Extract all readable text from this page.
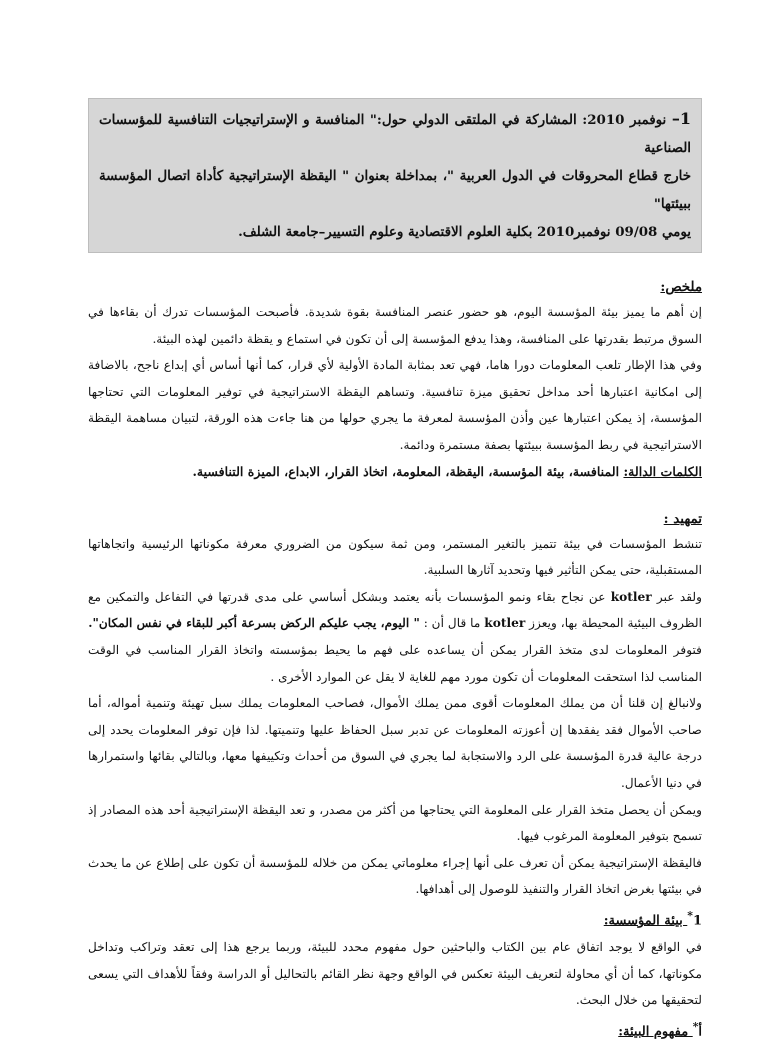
1– نوفمبر 2010: المشاركة في الملتقى الدولي حول:" المنافسة و الإستراتيجيات التنافسية للمؤسسات الصناعية

خارج قطاع المحروقات في الدول العربية "، بمداخلة بعنوان " اليقظة الإستراتيجية كأداة اتصال المؤسسة ببيئتها"

يومي 09/08 نوفمبر2010 بكلية العلوم الاقتصادية وعلوم التسيير–جامعة الشلف.

ملخص:

إن أهم ما يميز بيئة المؤسسة اليوم، هو حضور عنصر المنافسة بقوة شديدة. فأصبحت المؤسسات تدرك أن بقاءها في السوق مرتبط بقدرتها على المنافسة، وهذا يدفع المؤسسة إلى أن تكون في استماع و يقظة دائمين لهذه البيئة.

وفي هذا الإطار تلعب المعلومات دورا هاما، فهي تعد بمثابة المادة الأولية لأي قرار، كما أنها أساس أي إبداع ناجح، بالاضافة إلى امكانية اعتبارها أحد مداخل تحقيق ميزة تنافسية. وتساهم اليقظة الاستراتيجية في توفير المعلومات التي تحتاجها المؤسسة، إذ يمكن اعتبارها عين وأذن المؤسسة لمعرفة ما يجري حولها من هنا جاءت هذه الورقة، لتبيان مساهمة اليقظة الاستراتيجية في ربط المؤسسة ببيئتها بصفة مستمرة ودائمة.

الكلمات الدالة: المنافسة، بيئة المؤسسة، اليقظة، المعلومة، اتخاذ القرار، الابداع، الميزة التنافسية.

تمهيد :

تنشط المؤسسات في بيئة تتميز بالتغير المستمر، ومن ثمة سيكون من الضروري معرفة مكوناتها الرئيسية واتجاهاتها المستقبلية، حتى يمكن التأثير فيها وتحديد آثارها السلبية.

ولقد عبر kotler عن نجاح بقاء ونمو المؤسسات بأنه يعتمد وبشكل أساسي على مدى قدرتها في التفاعل والتمكين مع الظروف البيئية المحيطة بها، ويعزز kotler ما قال أن : " اليوم، يجب عليكم الركض بسرعة أكبر للبقاء في نفس المكان".

فتوفر المعلومات لدى متخذ القرار يمكن أن يساعده على فهم ما يحيط بمؤسسته واتخاذ القرار المناسب في الوقت المناسب لذا استحقت المعلومات أن تكون مورد مهم للغاية لا يقل عن الموارد الأخرى .

ولانبالغ إن قلنا أن من يملك المعلومات أقوى ممن يملك الأموال، فصاحب المعلومات يملك سبل تهيئة وتنمية أمواله، أما صاحب الأموال فقد يفقدها إن أعوزته المعلومات عن تدبر سبل الحفاظ عليها وتنميتها. لذا فإن توفر المعلومات يحدد إلى درجة عالية قدرة المؤسسة على الرد والاستجابة لما يجري في السوق من أحداث وتكييفها معها، وبالتالي بقائها واستمرارها في دنيا الأعمال.

ويمكن أن يحصل متخذ القرار على المعلومة التي يحتاجها من أكثر من مصدر، و تعد اليقظة الإستراتيجية أحد هذه المصادر إذ تسمح بتوفير المعلومة المرغوب فيها.

فاليقظة الإستراتيجية يمكن أن تعرف على أنها إجراء معلوماتي يمكن من خلاله للمؤسسة أن تكون على إطلاع عن ما يحدث في بيئتها بغرض اتخاذ القرار والتنفيذ للوصول إلى أهدافها.

1* بيئة المؤسسة:

في الواقع لا يوجد اتفاق عام بين الكتاب والباحثين حول مفهوم محدد للبيئة، وربما يرجع هذا إلى تعقد وتراكب وتداخل مكوناتها، كما أن أي محاولة لتعريف البيئة تعكس في الواقع وجهة نظر القائم بالتحاليل أو الدراسة وفقاً للأهداف التي يسعى لتحقيقها من خلال البحث.

أ* مفهوم البيئة:
